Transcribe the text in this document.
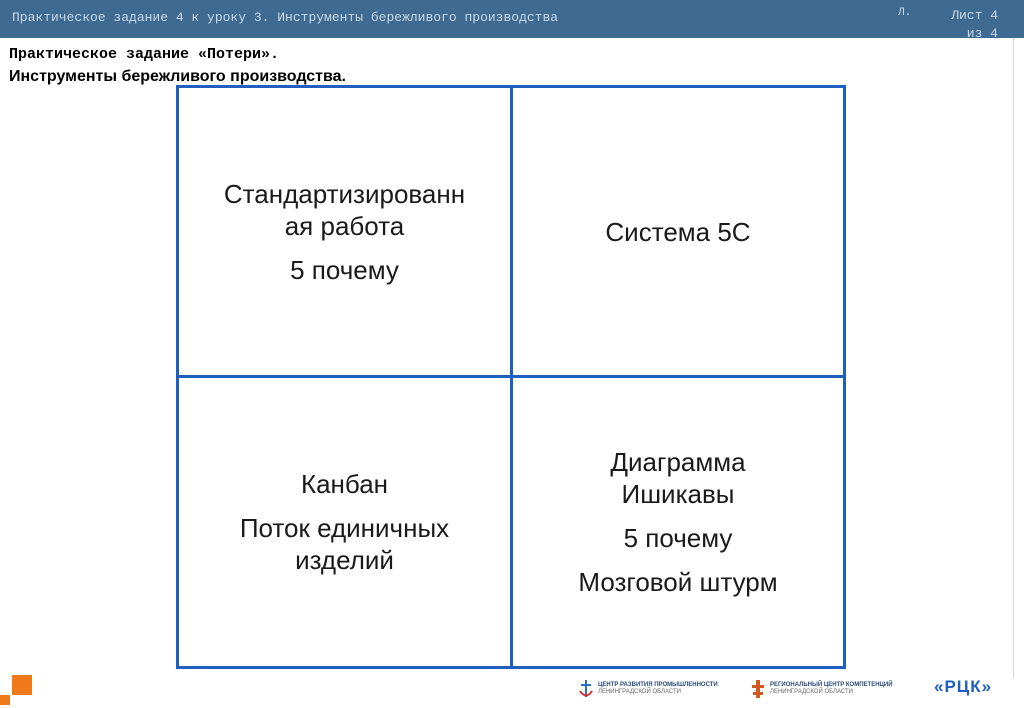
Практическое задание 4 к уроку 3. Инструменты бережливого производства	Л.	Лист 4
из 4
Практическое задание «Потери».
Инструменты бережливого производства.
Стандартизированн
ая работа
5 почему
Система 5С
Канбан
Поток единичных
изделий
Диаграмма
Ишикавы
5 почему
Мозговой штурм
ЦЕНТР РАЗВИТИЯ ПРОМЫШЛЕННОСТИ
ЛЕНИНГРАДСКОЙ ОБЛАСТИ
РЕГИОНАЛЬНЫЙ ЦЕНТР КОМПЕТЕНЦИЙ
ЛЕНИНГРАДСКОЙ ОБЛАСТИ	«РЦК»
